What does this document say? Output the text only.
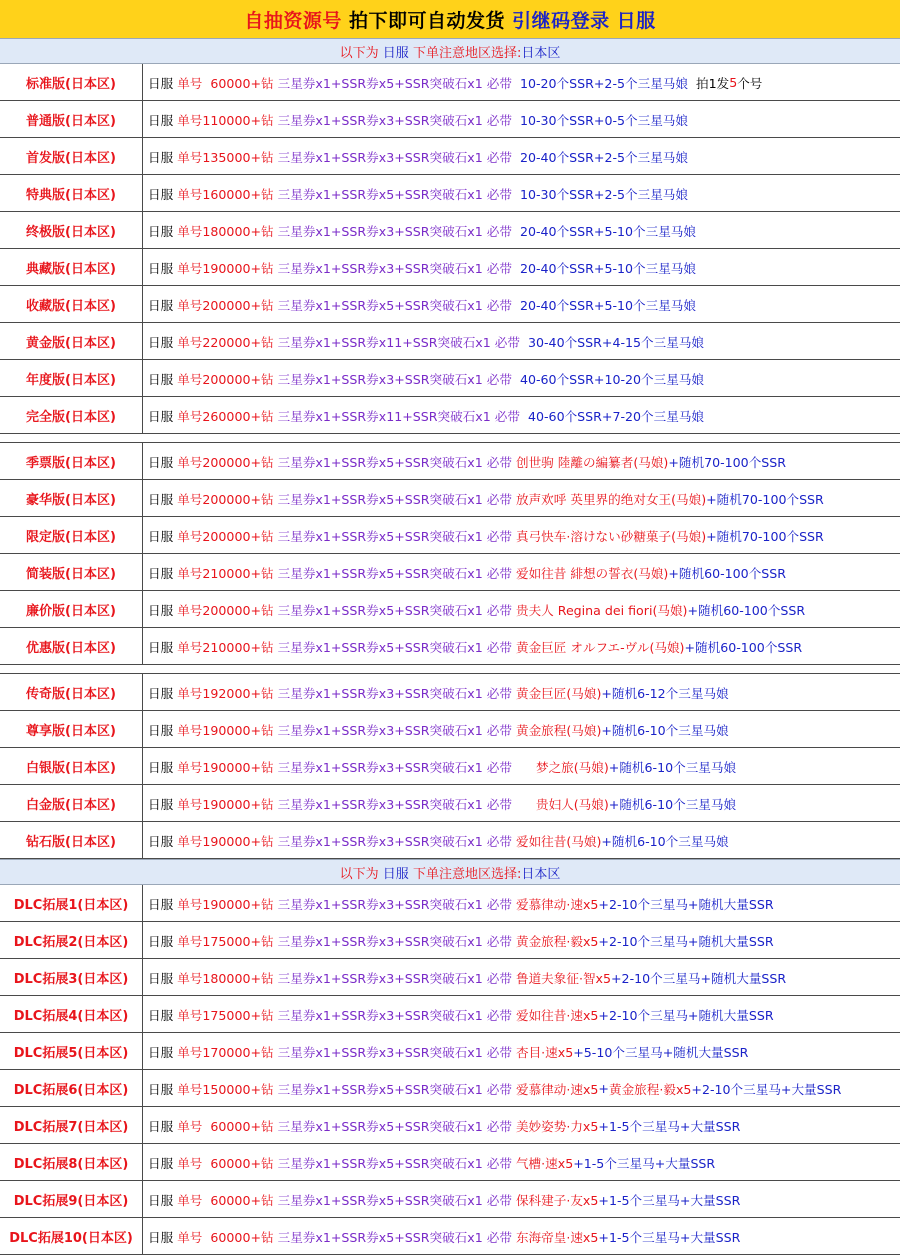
自抽资源号 拍下即可自动发货 引继码登录 日服
以下为 日服 下单注意地区选择: 日本区
标准版(日本区)	日服 单号  60000+钻 三星券x1+SSR券x5+SSR突破石x1 必带 10-20个SSR+2-5个三星马娘 拍1发 5 个号
普通版(日本区)	日服 单号110000+钻 三星券x1+SSR券x3+SSR突破石x1 必带 10-30个SSR+0-5个三星马娘
首发版(日本区)	日服 单号135000+钻 三星券x1+SSR券x3+SSR突破石x1 必带 20-40个SSR+2-5个三星马娘
特典版(日本区)	日服 单号160000+钻 三星券x1+SSR券x5+SSR突破石x1 必带 10-30个SSR+2-5个三星马娘
终极版(日本区)	日服 单号180000+钻 三星券x1+SSR券x3+SSR突破石x1 必带 20-40个SSR+5-10个三星马娘
典藏版(日本区)	日服 单号190000+钻 三星券x1+SSR券x3+SSR突破石x1 必带 20-40个SSR+5-10个三星马娘
收藏版(日本区)	日服 单号200000+钻 三星券x1+SSR券x5+SSR突破石x1 必带 20-40个SSR+5-10个三星马娘
黄金版(日本区)	日服 单号220000+钻 三星券x1+SSR券x11+SSR突破石x1 必带 30-40个SSR+4-15个三星马娘
年度版(日本区)	日服 单号200000+钻 三星券x1+SSR券x3+SSR突破石x1 必带 40-60个SSR+10-20个三星马娘
完全版(日本区)	日服 单号260000+钻 三星券x1+SSR券x11+SSR突破石x1 必带 40-60个SSR+7-20个三星马娘
季票版(日本区)	日服 单号200000+钻 三星券x1+SSR券x5+SSR突破石x1 必带 创世驹 陸離の編纂者(马娘) +随机70-100个SSR
豪华版(日本区)	日服 单号200000+钻 三星券x1+SSR券x5+SSR突破石x1 必带 放声欢呼 英里界的绝对女王(马娘) +随机70-100个SSR
限定版(日本区)	日服 单号200000+钻 三星券x1+SSR券x5+SSR突破石x1 必带 真弓快车·溶けない砂糖菓子(马娘) +随机70-100个SSR
简装版(日本区)	日服 单号210000+钻 三星券x1+SSR券x5+SSR突破石x1 必带 爱如往昔 緋想の誓衣(马娘) +随机60-100个SSR
廉价版(日本区)	日服 单号200000+钻 三星券x1+SSR券x5+SSR突破石x1 必带 贵夫人 Regina dei fiori(马娘) +随机60-100个SSR
优惠版(日本区)	日服 单号210000+钻 三星券x1+SSR券x5+SSR突破石x1 必带 黄金巨匠 オルフエ-ヴル(马娘) +随机60-100个SSR
传奇版(日本区)	日服 单号192000+钻 三星券x1+SSR券x3+SSR突破石x1 必带 黄金巨匠(马娘) +随机6-12个三星马娘
尊享版(日本区)	日服 单号190000+钻 三星券x1+SSR券x3+SSR突破石x1 必带 黄金旅程(马娘) +随机6-10个三星马娘
白银版(日本区)	日服 单号190000+钻 三星券x1+SSR券x3+SSR突破石x1 必带 梦之旅(马娘) +随机6-10个三星马娘
白金版(日本区)	日服 单号190000+钻 三星券x1+SSR券x3+SSR突破石x1 必带 贵妇人(马娘) +随机6-10个三星马娘
钻石版(日本区)	日服 单号190000+钻 三星券x1+SSR券x3+SSR突破石x1 必带 爱如往昔(马娘) +随机6-10个三星马娘
以下为 日服 下单注意地区选择: 日本区
DLC拓展1(日本区)	日服 单号190000+钻 三星券x1+SSR券x3+SSR突破石x1 必带 爱慕律动·速x5 +2-10个三星马+随机大量SSR
DLC拓展2(日本区)	日服 单号175000+钻 三星券x1+SSR券x3+SSR突破石x1 必带 黄金旅程·毅x5 +2-10个三星马+随机大量SSR
DLC拓展3(日本区)	日服 单号180000+钻 三星券x1+SSR券x3+SSR突破石x1 必带 鲁道夫象征·智x5 +2-10个三星马+随机大量SSR
DLC拓展4(日本区)	日服 单号175000+钻 三星券x1+SSR券x3+SSR突破石x1 必带 爱如往昔·速x5 +2-10个三星马+随机大量SSR
DLC拓展5(日本区)	日服 单号170000+钻 三星券x1+SSR券x3+SSR突破石x1 必带 杏目·速x5 +5-10个三星马+随机大量SSR
DLC拓展6(日本区)	日服 单号150000+钻 三星券x1+SSR券x5+SSR突破石x1 必带 爱慕律动·速x5 + 黄金旅程·毅x5 +2-10个三星马+大量SSR
DLC拓展7(日本区)	日服 单号  60000+钻 三星券x1+SSR券x5+SSR突破石x1 必带 美妙姿势·力x5 +1-5个三星马+大量SSR
DLC拓展8(日本区)	日服 单号  60000+钻 三星券x1+SSR券x5+SSR突破石x1 必带 气槽·速x5 +1-5个三星马+大量SSR
DLC拓展9(日本区)	日服 单号  60000+钻 三星券x1+SSR券x5+SSR突破石x1 必带 保科建子·友x5 +1-5个三星马+大量SSR
DLC拓展10(日本区)	日服 单号  60000+钻 三星券x1+SSR券x5+SSR突破石x1 必带 东海帝皇·速x5 +1-5个三星马+大量SSR
